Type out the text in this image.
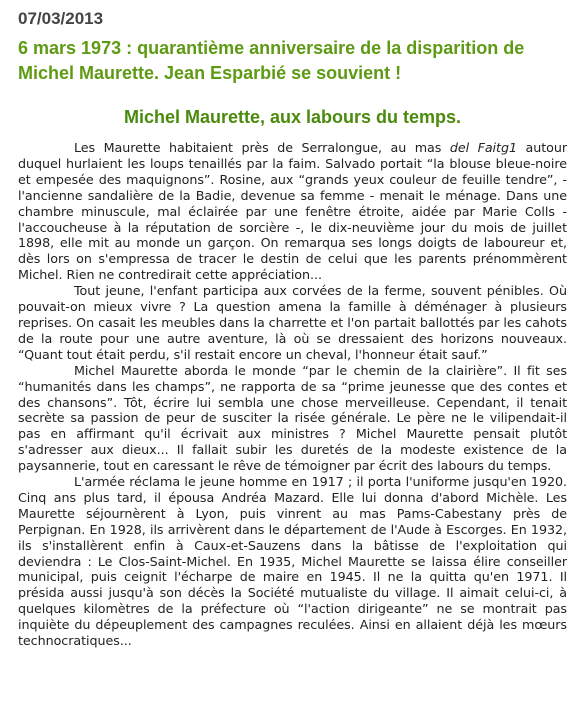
07/03/2013
6 mars 1973 : quarantième anniversaire de la disparition de Michel Maurette. Jean Esparbié se souvient !
Michel Maurette, aux labours du temps.

Les Maurette habitaient près de Serralongue, au mas del Faitg1 autour duquel hurlaient les loups tenaillés par la faim. Salvado portait “la blouse bleue-noire et empesée des maquignons”. Rosine, aux “grands yeux couleur de feuille tendre”, - l'ancienne sandalière de la Badie, devenue sa femme - menait le ménage. Dans une chambre minuscule, mal éclairée par une fenêtre étroite, aidée par Marie Colls - l'accoucheuse à la réputation de sorcière -, le dix-neuvième jour du mois de juillet 1898, elle mit au monde un garçon. On remarqua ses longs doigts de laboureur et, dès lors on s'empressa de tracer le destin de celui que les parents prénommèrent Michel. Rien ne contredirait cette appréciation...

Tout jeune, l'enfant participa aux corvées de la ferme, souvent pénibles. Où pouvait-on mieux vivre ? La question amena la famille à déménager à plusieurs reprises. On casait les meubles dans la charrette et l'on partait ballottés par les cahots de la route pour une autre aventure, là où se dressaient des horizons nouveaux. “Quant tout était perdu, s'il restait encore un cheval, l'honneur était sauf.”

Michel Maurette aborda le monde “par le chemin de la clairière”. Il fit ses “humanités dans les champs”, ne rapporta de sa “prime jeunesse que des contes et des chansons”. Tôt, écrire lui sembla une chose merveilleuse. Cependant, il tenait secrète sa passion de peur de susciter la risée générale. Le père ne le vilipendait-il pas en affirmant qu'il écrivait aux ministres ? Michel Maurette pensait plutôt s'adresser aux dieux... Il fallait subir les duretés de la modeste existence de la paysannerie, tout en caressant le rêve de témoigner par écrit des labours du temps.

L'armée réclama le jeune homme en 1917 ; il porta l'uniforme jusqu'en 1920. Cinq ans plus tard, il épousa Andréa Mazard. Elle lui donna d'abord Michèle. Les Maurette séjournèrent à Lyon, puis vinrent au mas Pams-Cabestany près de Perpignan. En 1928, ils arrivèrent dans le département de l'Aude à Escorges. En 1932, ils s'installèrent enfin à Caux-et-Sauzens dans la bâtisse de l'exploitation qui deviendra : Le Clos-Saint-Michel. En 1935, Michel Maurette se laissa élire conseiller municipal, puis ceignit l'écharpe de maire en 1945. Il ne la quitta qu'en 1971. Il présida aussi jusqu'à son décès la Société mutualiste du village. Il aimait celui-ci, à quelques kilomètres de la préfecture où “l'action dirigeante” ne se montrait pas inquiète du dépeuplement des campagnes reculées. Ainsi en allaient déjà les mœurs technocratiques...
